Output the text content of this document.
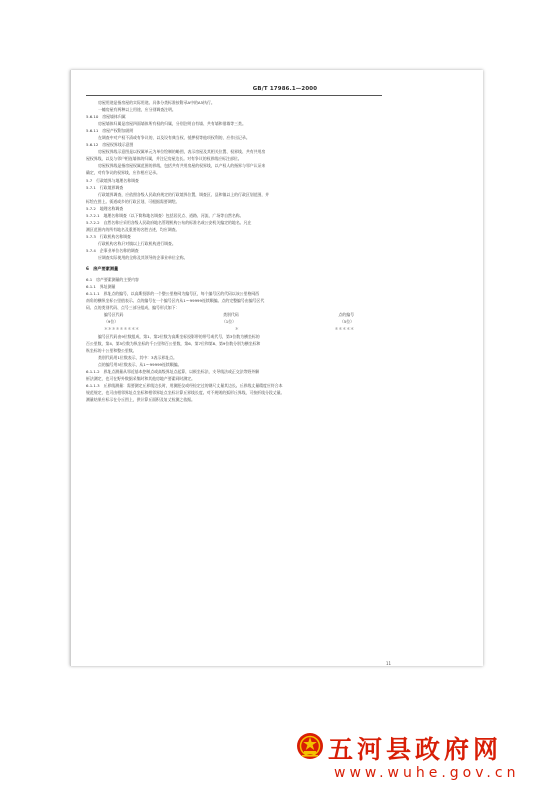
GB/T 17986.1—2000
房屋用途是指房屋的实际用途。具体分类标准按附录A中的A5执行。
一幢房屋有两种以上用途，应分别调查注明。
5.6.10　房屋墙体归属
房屋墙体归属是房屋四面墙体所有权的归属，分别注明自有墙、共有墙和借墙等三类。
5.6.11　房屋产权附加说明
在调查中对产权不清或有争议的，以及设有典当权、抵押权等他项权利的，应作出记录。
5.6.12　房屋权界线示意图
房屋权界线示意图是以权属单元为单位绘制的略图，表示房屋及其相关位置、权界线、共有共用房
屋权界线，以及与邻户相连墙体的归属，并注记房屋边长。对有争议的权界线应标注部位。
房屋权界线是指房屋权属范围的界线，包括共有共用房屋的权界线，以产权人的指界与邻户认证来
确定，对有争议的权界线，应作相应记录。
5.7　行政境界与地理名称调查
5.7.1　行政境界调查
行政境界调查，应依照各级人民政府规定的行政境界位置，调查区、县和镇以上的行政区划范围，并
标绘在图上。街道或乡的行政区划，可根据需要调绘。
5.7.2　地理名称调查
5.7.2.1　地理名称调查（以下简称地名调查）包括居民点、道路、河流、广场等自然名称。
5.7.2.2　自然名称应采用各级人民政府地名管理机构公布的标准名或公安机关编定的地名。凡在
测区范围内的所有地名及重要的名胜古迹，均应调查。
5.7.3　行政机构名称调查
行政机构名称只对镇以上行政机构进行调查。
5.7.4　企事业单位名称的调查
应调查实际使用的全称及其领导的企事业单位全称。
6　房产要素测量
6.1　房产要素测量的主要内容
6.1.1　界址测量
6.1.1.1　界址点的编号，以高斯投影的一个整公里格网为编号区，每个编号区的代码以该公里格网西
南角的横纵坐标公里值表示。点的编号在一个编号区内从1～99999连续顺编。点的完整编号由编号区代
码、点的类别代码、点号三部分组成，编号形式如下：
编号区代码	类别代码	点的编号
（9位）	（1位）	（5位）
＊＊＊＊＊＊＊＊＊	＊	＊＊＊＊＊
编号区代码由9位数组成，第1、第2位数为高斯坐标投影带的带号或代号，第3位数为横坐标的
百公里数，第4、第5位数为纵坐标的千公里和百公里数，第6、第7位和第8、第9位数分别为横坐标和
纵坐标的十公里和整公里数。
类别代码用1位数表示，其中：3表示界址点。
点的编号用5位数表示，从1～99999连续顺编。
6.1.1.2　界址点测量从邻近基本控制点或高级界址点起算，以极坐标法、支导线法或正交法等野外解
析法测定，也可在野外数据采集时和其他房地产要素同时测定。
6.1.1.3　丘界线测量：需要测定丘界线边长时，用测距仪或经检定过的钢尺丈量其边长。丘界线丈量精度应符合本
规范规定，也可由相邻界址点坐标和相邻界址点坐标计算丘界线长度。对不规则的弧形丘界线，可按折线分段丈量。
测量结果应标示在分丘图上，供计算丘面积及复丈检测之依据。
11
五河县政府网
www.wuhe.gov.cn
